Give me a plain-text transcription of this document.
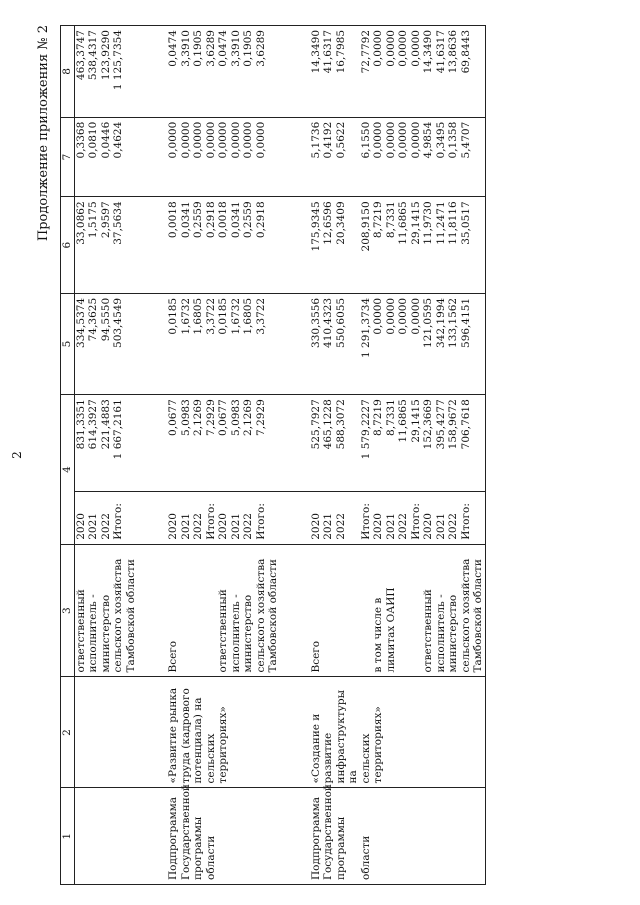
2
Продолжение приложения № 2
1	2	3	4		5	6	7	8
		ответственный	2020	831,3351	334,5374	33,0862	0,3368	463,3747
		исполнитель -	2021	614,3927	74,3625	1,5175	0,0810	538,4317
		министерство	2022	221,4883	94,5550	2,9597	0,0446	123,9290
		сельского хозяйства	Итого:	1 667,2161	503,4549	37,5634	0,4624	1 125,7354
		Тамбовской области						

Подпрограмма	«Развитие рынка	Всего	2020	0,0677	0,0185	0,0018	0,0000	0,0474
Государственной	труда (кадрового		2021	5,0983	1,6732	0,0341	0,0000	3,3910
программы	потенциала) на		2022	2,1269	1,6805	0,2559	0,0000	0,1905
области	сельских		Итого:	7,2929	3,3722	0,2918	0,0000	3,6289
	территориях»	ответственный	2020	0,0677	0,0185	0,0018	0,0000	0,0474
		исполнитель -	2021	5,0983	1,6732	0,0341	0,0000	3,3910
		министерство	2022	2,1269	1,6805	0,2559	0,0000	0,1905
		сельского хозяйства	Итого:	7,2929	3,3722	0,2918	0,0000	3,6289
		Тамбовской области						

Подпрограмма	«Создание и	Всего	2020	525,7927	330,3556	175,9345	5,1736	14,3490
Государственной	развитие		2021	465,1228	410,4323	12,6596	0,4192	41,6317
программы	инфраструктуры на		2022	588,3072	550,6055	20,3409	0,5622	16,7985
области	сельских		Итого:	1 579,2227	1 291,3734	208,9150	6,1550	72,7792
	территориях»	в том числе в	2020	8,7219	0,0000	8,7219	0,0000	0,0000
		лимитах ОАИП	2021	8,7331	0,0000	8,7331	0,0000	0,0000
			2022	11,6865	0,0000	11,6865	0,0000	0,0000
			Итого:	29,1415	0,0000	29,1415	0,0000	0,0000
		ответственный	2020	152,3669	121,0595	11,9730	4,9854	14,3490
		исполнитель -	2021	395,4277	342,1994	11,2471	0,3495	41,6317
		министерство	2022	158,9672	133,1562	11,8116	0,1358	13,8636
		сельского хозяйства	Итого:	706,7618	596,4151	35,0517	5,4707	69,8443
		Тамбовской области						
